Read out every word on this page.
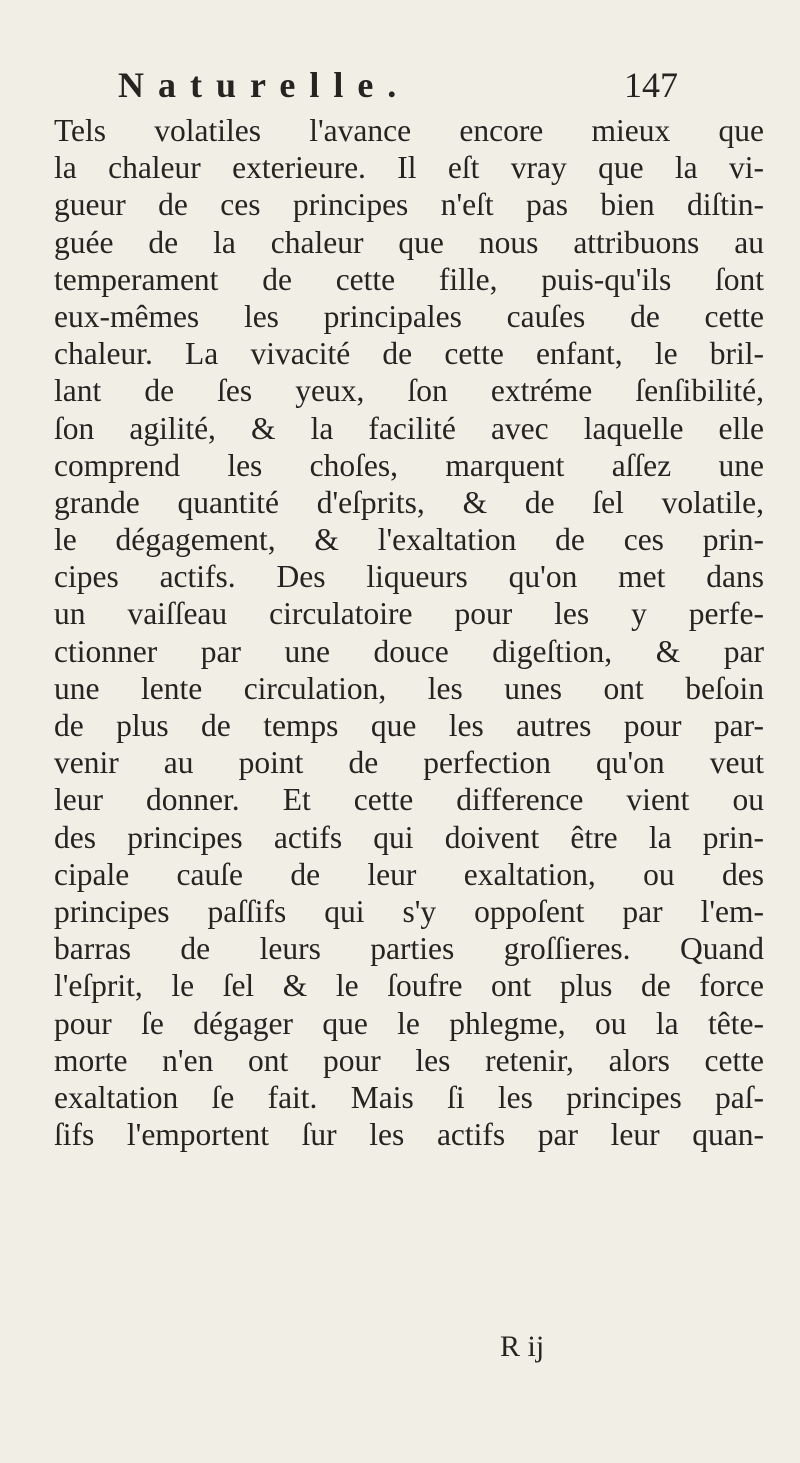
Naturelle.	147
Tels volatiles l'avance encore mieux que
la chaleur exterieure. Il eſt vray que la vi-
gueur de ces principes n'eſt pas bien diſtin-
guée de la chaleur que nous attribuons au
temperament de cette fille, puis-qu'ils ſont
eux-mêmes les principales cauſes de cette
chaleur. La vivacité de cette enfant, le bril-
lant de ſes yeux, ſon extréme ſenſibilité,
ſon agilité, & la facilité avec laquelle elle
comprend les choſes, marquent aſſez une
grande quantité d'eſprits, & de ſel volatile,
le dégagement, & l'exaltation de ces prin-
cipes actifs. Des liqueurs qu'on met dans
un vaiſſeau circulatoire pour les y perfe-
ctionner par une douce digeſtion, & par
une lente circulation, les unes ont beſoin
de plus de temps que les autres pour par-
venir au point de perfection qu'on veut
leur donner. Et cette difference vient ou
des principes actifs qui doivent être la prin-
cipale cauſe de leur exaltation, ou des
principes paſſifs qui s'y oppoſent par l'em-
barras de leurs parties groſſieres. Quand
l'eſprit, le ſel & le ſoufre ont plus de force
pour ſe dégager que le phlegme, ou la tête-
morte n'en ont pour les retenir, alors cette
exaltation ſe fait. Mais ſi les principes paſ-
ſifs l'emportent ſur les actifs par leur quan-
R ij
